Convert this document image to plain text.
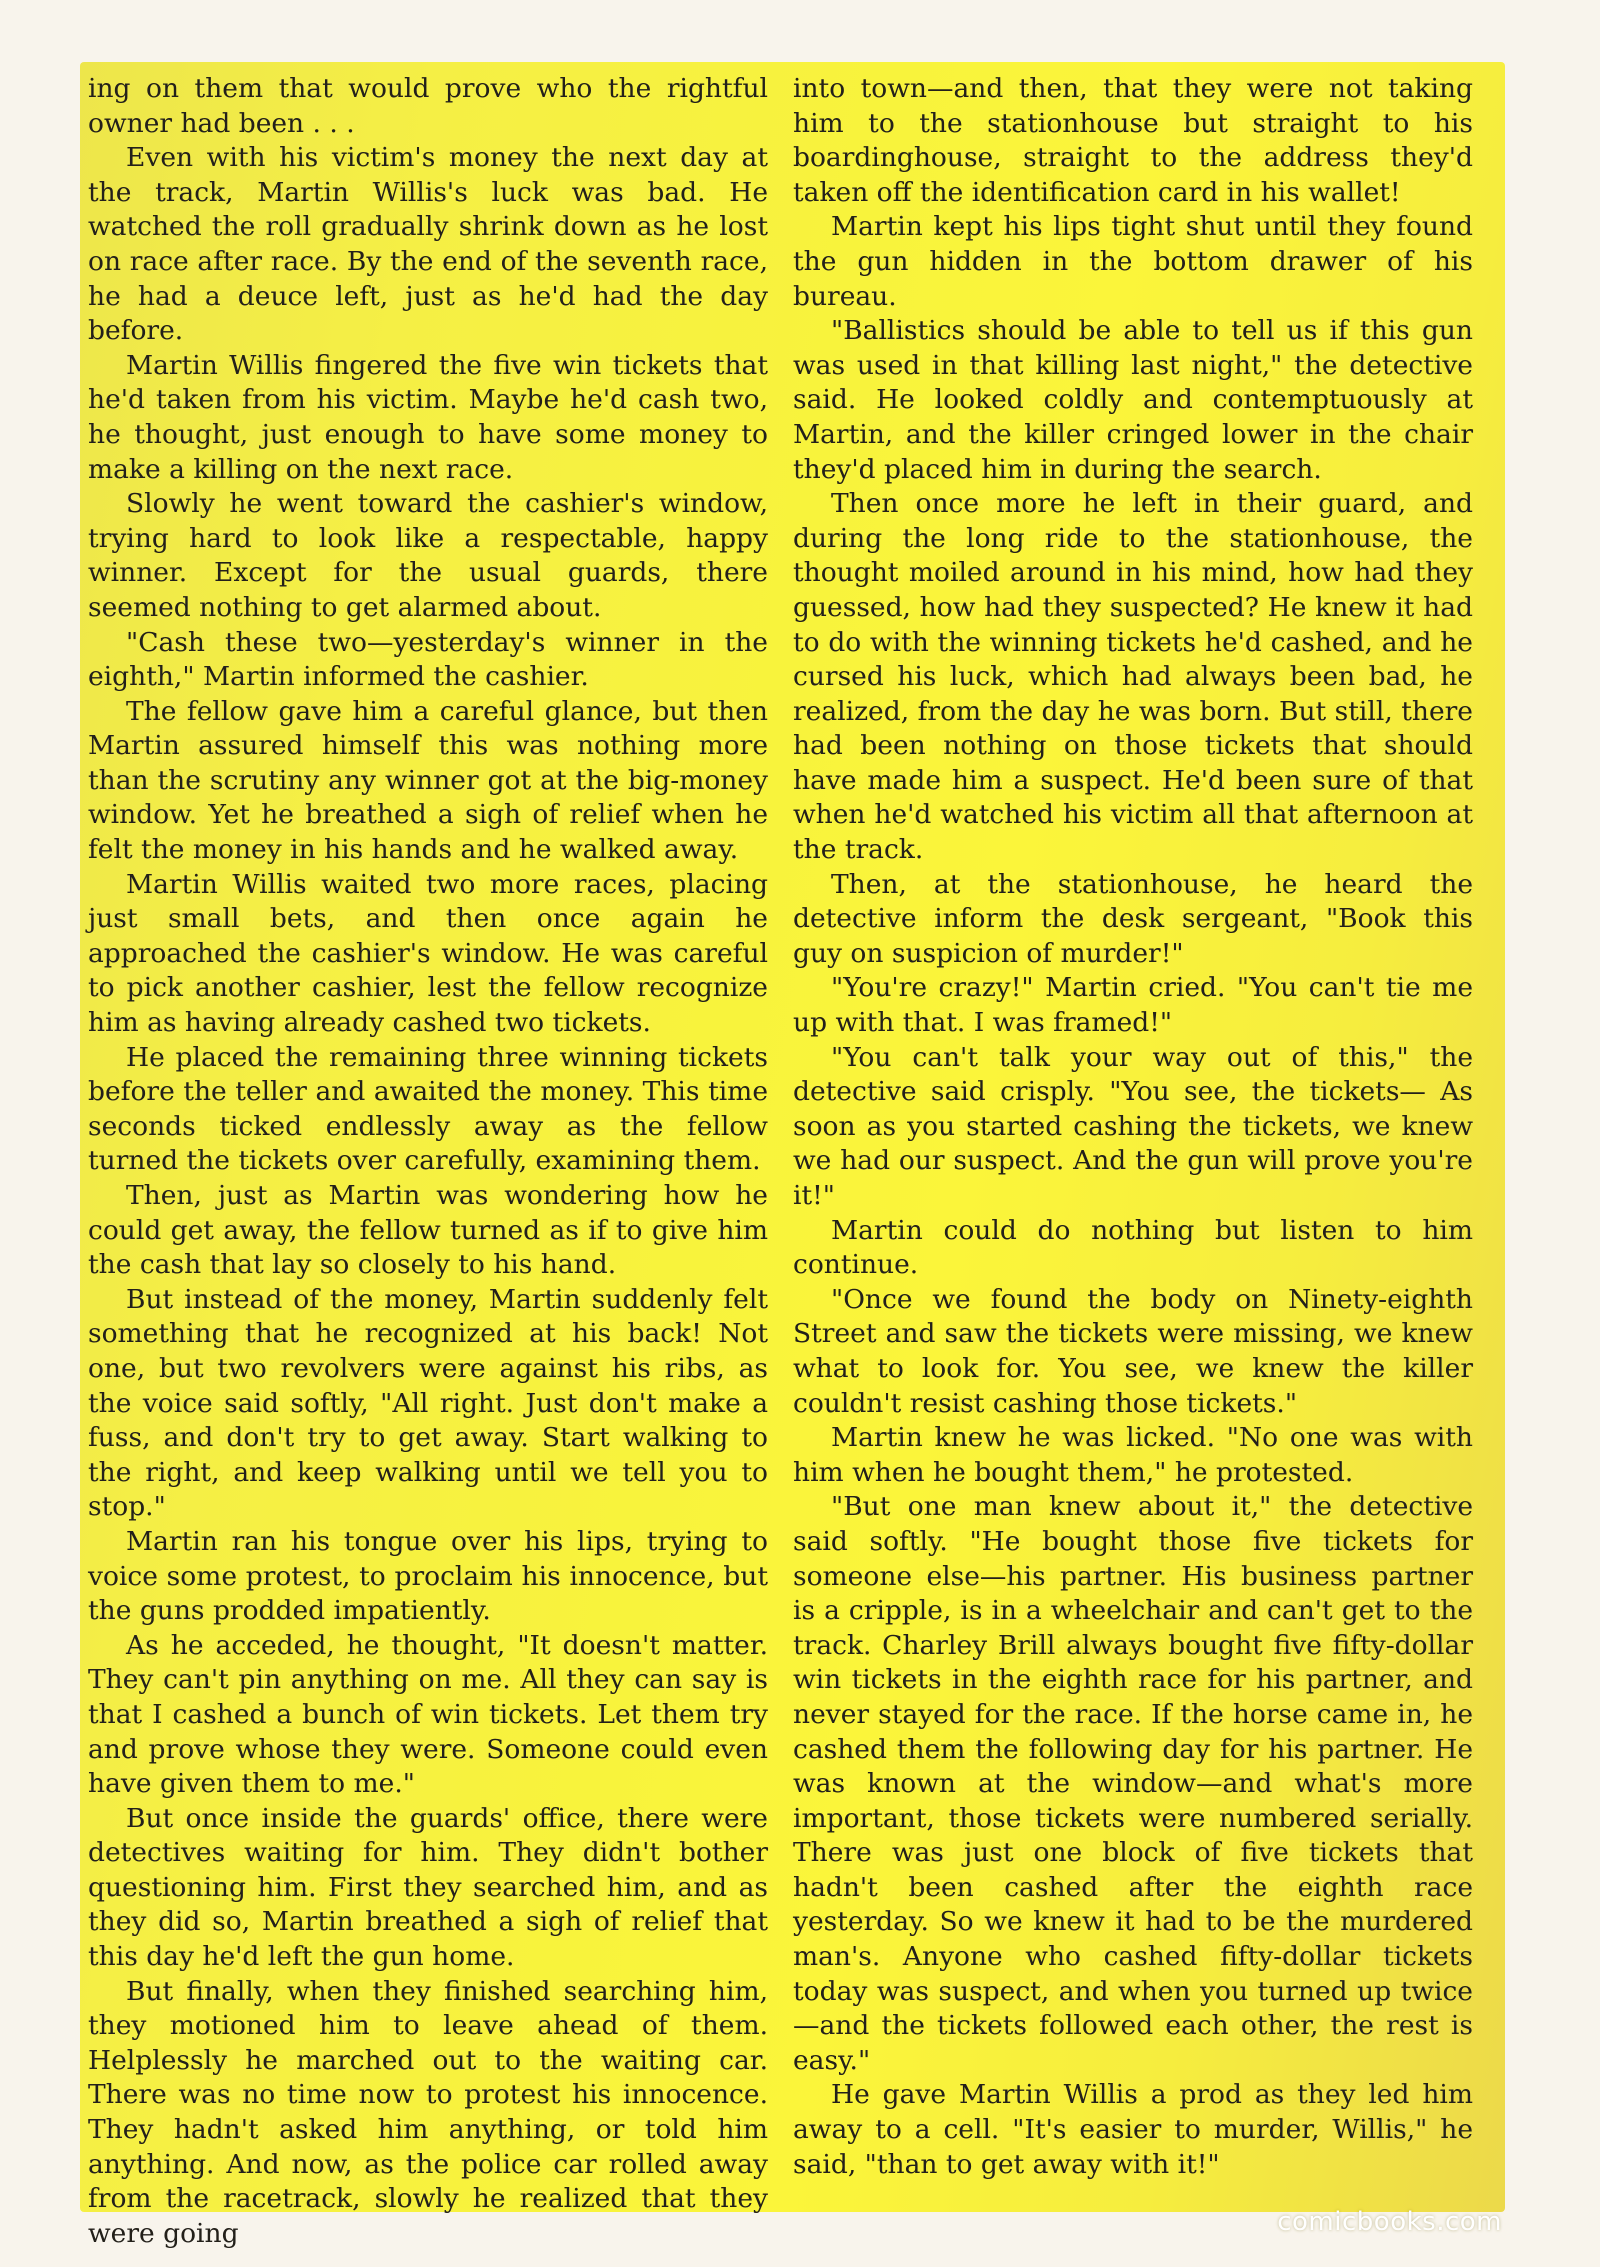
ing on them that would prove who the rightful owner had been . . .

Even with his victim's money the next day at the track, Martin Willis's luck was bad. He watched the roll gradually shrink down as he lost on race after race. By the end of the seventh race, he had a deuce left, just as he'd had the day before.

Martin Willis fingered the five win tickets that he'd taken from his victim. Maybe he'd cash two, he thought, just enough to have some money to make a killing on the next race.

Slowly he went toward the cashier's window, trying hard to look like a respectable, happy winner. Except for the usual guards, there seemed nothing to get alarmed about.

"Cash these two—yesterday's winner in the eighth," Martin informed the cashier.

The fellow gave him a careful glance, but then Martin assured himself this was nothing more than the scrutiny any winner got at the big-money window. Yet he breathed a sigh of relief when he felt the money in his hands and he walked away.

Martin Willis waited two more races, placing just small bets, and then once again he approached the cashier's window. He was careful to pick another cashier, lest the fellow recognize him as having already cashed two tickets.

He placed the remaining three winning tickets before the teller and awaited the money. This time seconds ticked endlessly away as the fellow turned the tickets over carefully, examining them.

Then, just as Martin was wondering how he could get away, the fellow turned as if to give him the cash that lay so closely to his hand.

But instead of the money, Martin suddenly felt something that he recognized at his back! Not one, but two revolvers were against his ribs, as the voice said softly, "All right. Just don't make a fuss, and don't try to get away. Start walking to the right, and keep walking until we tell you to stop."

Martin ran his tongue over his lips, trying to voice some protest, to proclaim his innocence, but the guns prodded impatiently.

As he acceded, he thought, "It doesn't matter. They can't pin anything on me. All they can say is that I cashed a bunch of win tickets. Let them try and prove whose they were. Someone could even have given them to me."

But once inside the guards' office, there were detectives waiting for him. They didn't bother questioning him. First they searched him, and as they did so, Martin breathed a sigh of relief that this day he'd left the gun home.

But finally, when they finished searching him, they motioned him to leave ahead of them. Helplessly he marched out to the waiting car. There was no time now to protest his innocence. They hadn't asked him anything, or told him anything. And now, as the police car rolled away from the racetrack, slowly he realized that they were going

into town—and then, that they were not taking him to the stationhouse but straight to his boardinghouse, straight to the address they'd taken off the identification card in his wallet!

Martin kept his lips tight shut until they found the gun hidden in the bottom drawer of his bureau.

"Ballistics should be able to tell us if this gun was used in that killing last night," the detective said. He looked coldly and contemptuously at Martin, and the killer cringed lower in the chair they'd placed him in during the search.

Then once more he left in their guard, and during the long ride to the stationhouse, the thought moiled around in his mind, how had they guessed, how had they suspected? He knew it had to do with the winning tickets he'd cashed, and he cursed his luck, which had always been bad, he realized, from the day he was born. But still, there had been nothing on those tickets that should have made him a suspect. He'd been sure of that when he'd watched his victim all that afternoon at the track.

Then, at the stationhouse, he heard the detective inform the desk sergeant, "Book this guy on suspicion of murder!"

"You're crazy!" Martin cried. "You can't tie me up with that. I was framed!"

"You can't talk your way out of this," the detective said crisply. "You see, the tickets— As soon as you started cashing the tickets, we knew we had our suspect. And the gun will prove you're it!"

Martin could do nothing but listen to him continue.

"Once we found the body on Ninety-eighth Street and saw the tickets were missing, we knew what to look for. You see, we knew the killer couldn't resist cashing those tickets."

Martin knew he was licked. "No one was with him when he bought them," he protested.

"But one man knew about it," the detective said softly. "He bought those five tickets for someone else—his partner. His business partner is a cripple, is in a wheelchair and can't get to the track. Charley Brill always bought five fifty-dollar win tickets in the eighth race for his partner, and never stayed for the race. If the horse came in, he cashed them the following day for his partner. He was known at the window—and what's more important, those tickets were numbered serially. There was just one block of five tickets that hadn't been cashed after the eighth race yesterday. So we knew it had to be the murdered man's. Anyone who cashed fifty-dollar tickets today was suspect, and when you turned up twice—and the tickets followed each other, the rest is easy."

He gave Martin Willis a prod as they led him away to a cell. "It's easier to murder, Willis," he said, "than to get away with it!"

comicbooks.com
